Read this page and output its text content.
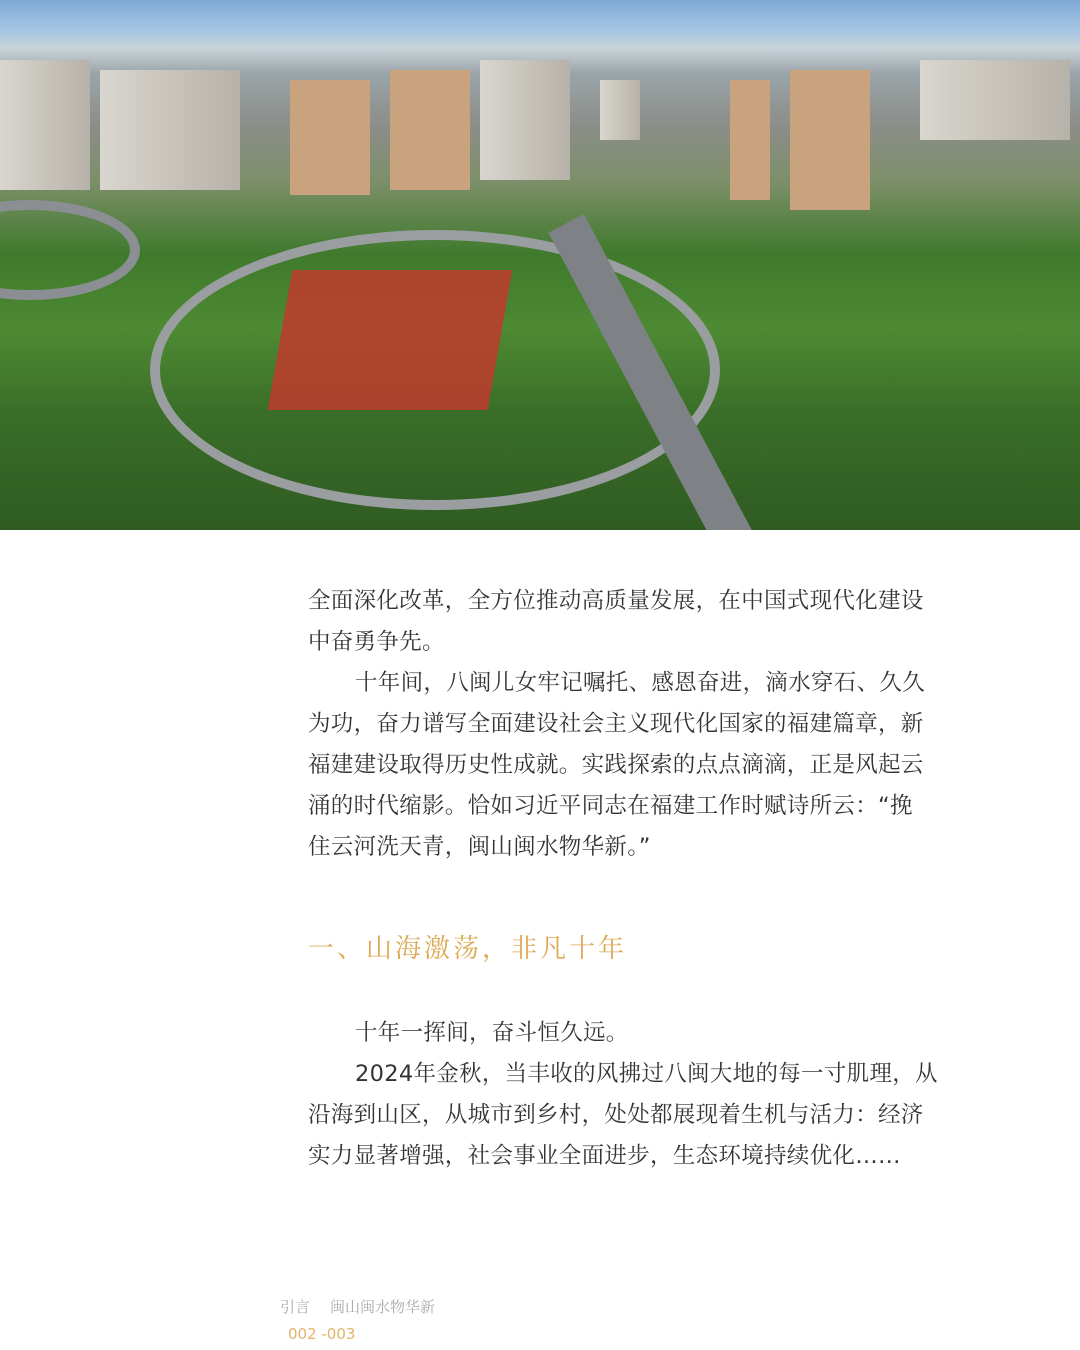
全面深化改革，全方位推动高质量发展，在中国式现代化建设
中奋勇争先。
十年间，八闽儿女牢记嘱托、感恩奋进，滴水穿石、久久
为功，奋力谱写全面建设社会主义现代化国家的福建篇章，新
福建建设取得历史性成就。实践探索的点点滴滴，正是风起云
涌的时代缩影。恰如习近平同志在福建工作时赋诗所云：“挽
住云河洗天青，闽山闽水物华新。”
一、山海激荡，非凡十年
十年一挥间，奋斗恒久远。
2024年金秋，当丰收的风拂过八闽大地的每一寸肌理，从
沿海到山区，从城市到乡村，处处都展现着生机与活力：经济
实力显著增强，社会事业全面进步，生态环境持续优化……
引言 闽山闽水物华新
002 -003
